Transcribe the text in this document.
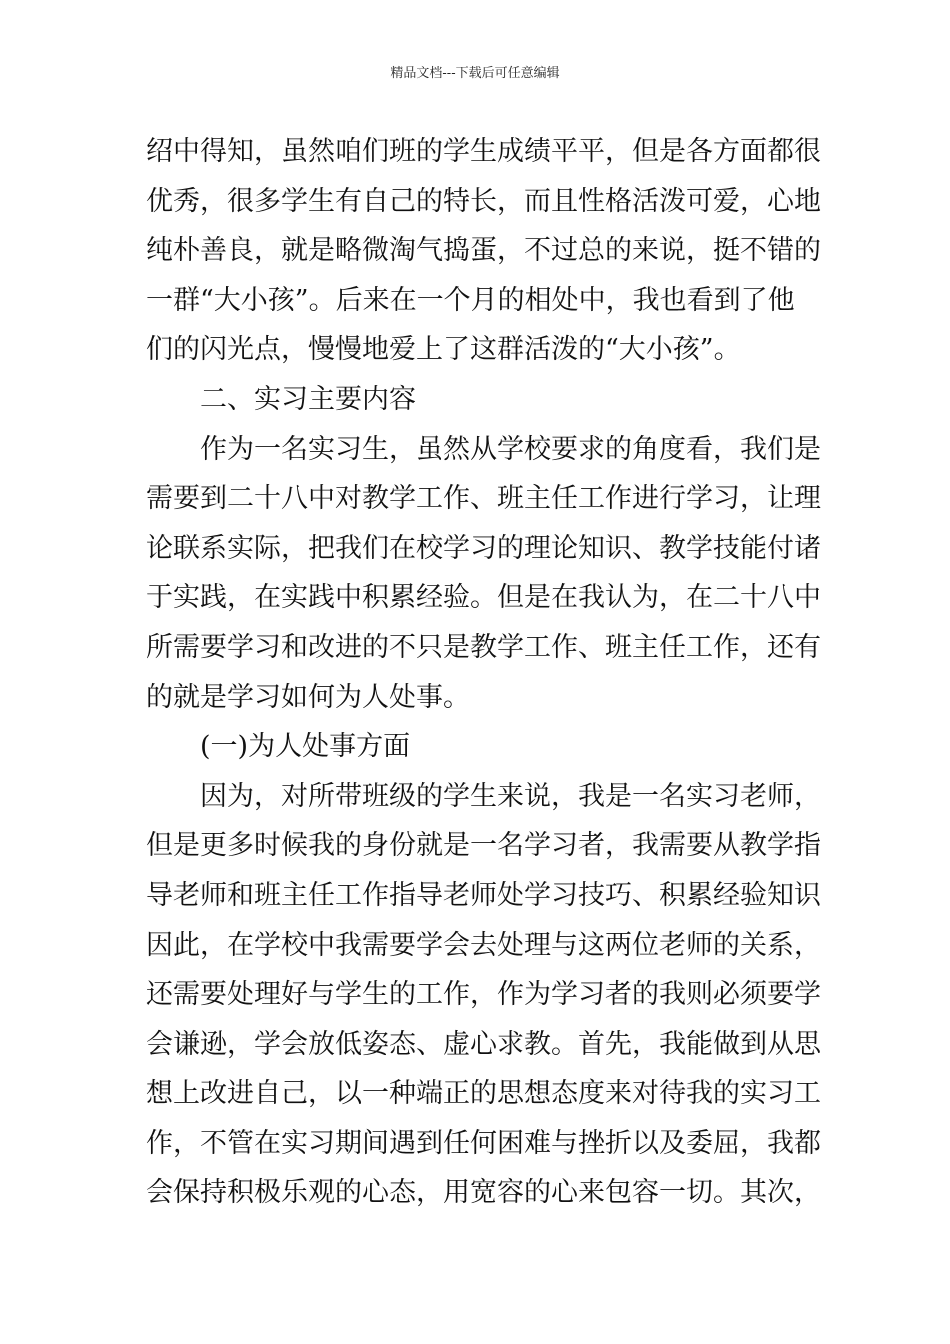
精品文档---下载后可任意编辑
绍中得知，虽然咱们班的学生成绩平平，但是各方面都很
优秀，很多学生有自己的特长，而且性格活泼可爱，心地
纯朴善良，就是略微淘气捣蛋，不过总的来说，挺不错的
一群“大小孩”。后来在一个月的相处中，我也看到了他
们的闪光点，慢慢地爱上了这群活泼的“大小孩”。
二、实习主要内容
作为一名实习生，虽然从学校要求的角度看，我们是
需要到二十八中对教学工作、班主任工作进行学习，让理
论联系实际，把我们在校学习的理论知识、教学技能付诸
于实践，在实践中积累经验。但是在我认为，在二十八中
所需要学习和改进的不只是教学工作、班主任工作，还有
的就是学习如何为人处事。
(一)为人处事方面
因为，对所带班级的学生来说，我是一名实习老师，
但是更多时候我的身份就是一名学习者，我需要从教学指
导老师和班主任工作指导老师处学习技巧、积累经验知识
因此，在学校中我需要学会去处理与这两位老师的关系，
还需要处理好与学生的工作，作为学习者的我则必须要学
会谦逊，学会放低姿态、虚心求教。首先，我能做到从思
想上改进自己，以一种端正的思想态度来对待我的实习工
作，不管在实习期间遇到任何困难与挫折以及委屈，我都
会保持积极乐观的心态，用宽容的心来包容一切。其次，
